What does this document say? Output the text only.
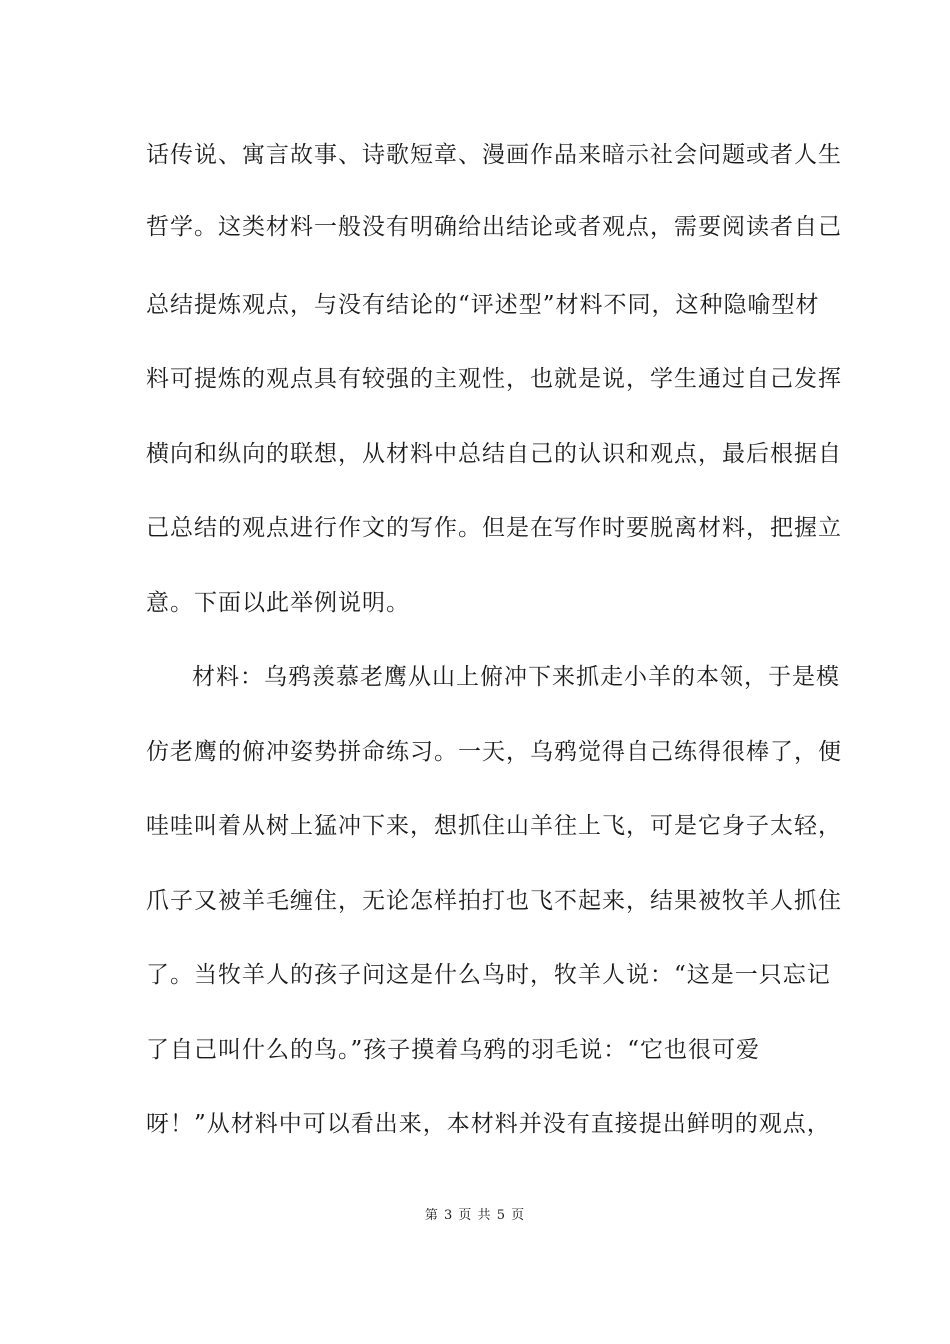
话传说、寓言故事、诗歌短章、漫画作品来暗示社会问题或者人生
哲学。这类材料一般没有明确给出结论或者观点，需要阅读者自己
总结提炼观点，与没有结论的“评述型”材料不同，这种隐喻型材
料可提炼的观点具有较强的主观性，也就是说，学生通过自己发挥
横向和纵向的联想，从材料中总结自己的认识和观点，最后根据自
己总结的观点进行作文的写作。但是在写作时要脱离材料，把握立
意。下面以此举例说明。
材料：乌鸦羡慕老鹰从山上俯冲下来抓走小羊的本领，于是模
仿老鹰的俯冲姿势拼命练习。一天，乌鸦觉得自己练得很棒了，便
哇哇叫着从树上猛冲下来，想抓住山羊往上飞，可是它身子太轻，
爪子又被羊毛缠住，无论怎样拍打也飞不起来，结果被牧羊人抓住
了。当牧羊人的孩子问这是什么鸟时，牧羊人说：“这是一只忘记
了自己叫什么的鸟。”孩子摸着乌鸦的羽毛说：“它也很可爱
呀！”从材料中可以看出来，本材料并没有直接提出鲜明的观点，
第 3 页 共 5 页
